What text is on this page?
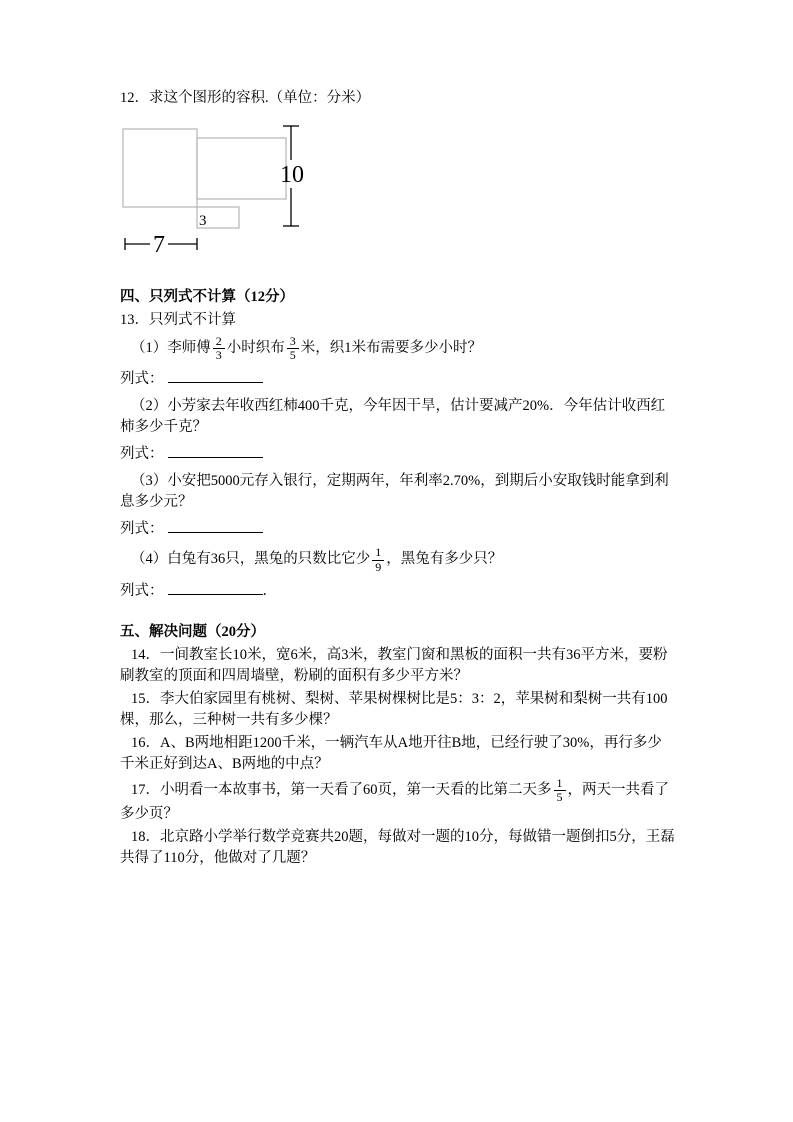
12．求这个图形的容积.（单位：分米）

10
3
7

四、只列式不计算（12分）

13．只列式不计算

（1）李师傅 $\frac{2}{3}$ 小时织布 $\frac{3}{5}$ 米，织1米布需要多少小时？

列式：

（2）小芳家去年收西红柿400千克，今年因干旱，估计要减产20%．今年估计收西红柿多少千克？

列式：

（3）小安把5000元存入银行，定期两年，年利率2.70%，到期后小安取钱时能拿到利息多少元？

列式：

（4）白兔有36只，黑兔的只数比它少 $\frac{1}{9}$ ，黑兔有多少只？

列式：	．

五、解决问题（20分）

14．一间教室长10米，宽6米，高3米，教室门窗和黑板的面积一共有36平方米，要粉刷教室的顶面和四周墙壁，粉刷的面积有多少平方米？

15．李大伯家园里有桃树、梨树、苹果树棵树比是5：3：2，苹果树和梨树一共有100棵，那么，三种树一共有多少棵？

16．A、B两地相距1200千米，一辆汽车从A地开往B地，已经行驶了30%，再行多少千米正好到达A、B两地的中点？

17．小明看一本故事书，第一天看了60页，第一天看的比第二天多 $\frac{1}{5}$ ，两天一共看了多少页？

18．北京路小学举行数学竞赛共20题，每做对一题的10分，每做错一题倒扣5分，王磊共得了110分，他做对了几题？
